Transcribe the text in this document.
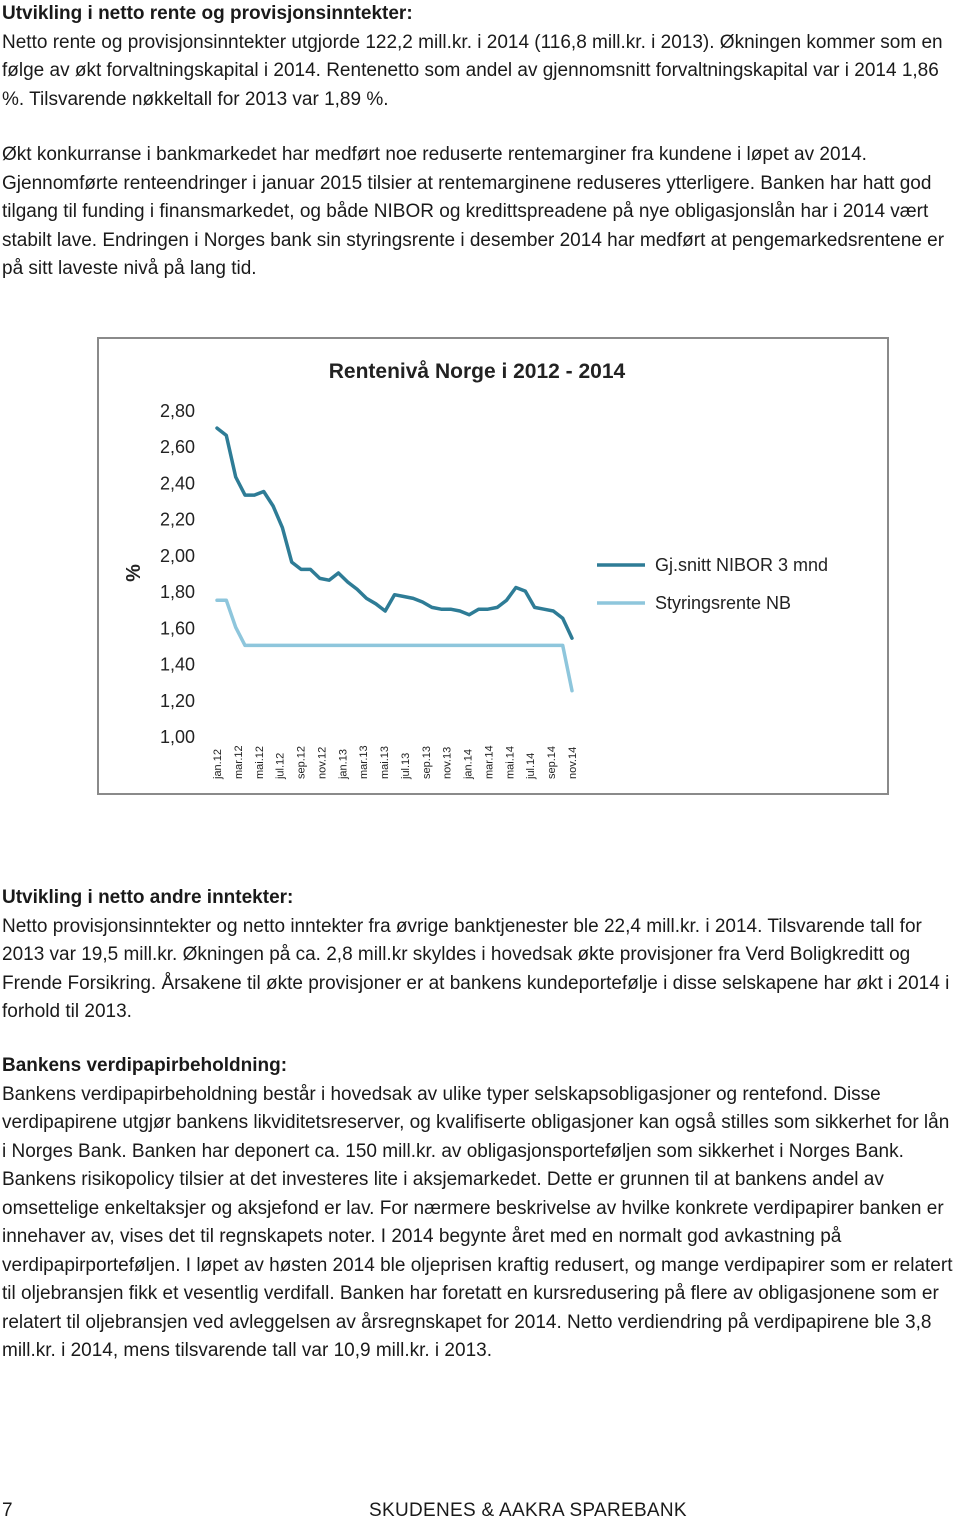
Utvikling i netto rente og provisjonsinntekter:

Netto rente og provisjonsinntekter utgjorde 122,2 mill.kr. i 2014 (116,8 mill.kr. i 2013). Økningen kommer som en følge av økt forvaltningskapital i 2014. Rentenetto som andel av gjennomsnitt forvaltningskapital var i 2014 1,86 %. Tilsvarende nøkkeltall for 2013 var 1,89 %.

Økt konkurranse i bankmarkedet har medført noe reduserte rentemarginer fra kundene i løpet av 2014. Gjennomførte renteendringer i januar 2015 tilsier at rentemarginene reduseres ytterligere. Banken har hatt god tilgang til funding i finansmarkedet, og både NIBOR og kredittspreadene på nye obligasjonslån har i 2014 vært stabilt lave. Endringen i Norges bank sin styringsrente i desember 2014 har medført at pengemarkedsrentene er på sitt laveste nivå på lang tid.

Rentenivå Norge i 2012 - 2014
%
1,00
1,20
1,40
1,60
1,80
2,00
2,20
2,40
2,60
2,80
jan.12 mar.12 mai.12 jul.12 sep.12 nov.12 jan.13 mar.13 mai.13 jul.13 sep.13 nov.13 jan.14 mar.14 mai.14 jul.14 sep.14 nov.14
Gj.snitt NIBOR 3 mnd
Styringsrente NB

Utvikling i netto andre inntekter:

Netto provisjonsinntekter og netto inntekter fra øvrige banktjenester ble 22,4 mill.kr. i 2014. Tilsvarende tall for 2013 var 19,5 mill.kr. Økningen på ca. 2,8 mill.kr skyldes i hovedsak økte provisjoner fra Verd Boligkreditt og Frende Forsikring. Årsakene til økte provisjoner er at bankens kundeportefølje i disse selskapene har økt i 2014 i forhold til 2013.

Bankens verdipapirbeholdning:

Bankens verdipapirbeholdning består i hovedsak av ulike typer selskapsobligasjoner og rentefond. Disse verdipapirene utgjør bankens likviditetsreserver, og kvalifiserte obligasjoner kan også stilles som sikkerhet for lån i Norges Bank. Banken har deponert ca. 150 mill.kr. av obligasjonsporteføljen som sikkerhet i Norges Bank. Bankens risikopolicy tilsier at det investeres lite i aksjemarkedet. Dette er grunnen til at bankens andel av omsettelige enkeltaksjer og aksjefond er lav. For nærmere beskrivelse av hvilke konkrete verdipapirer banken er innehaver av, vises det til regnskapets noter. I 2014 begynte året med en normalt god avkastning på verdipapirporteføljen. I løpet av høsten 2014 ble oljeprisen kraftig redusert, og mange verdipapirer som er relatert til oljebransjen fikk et vesentlig verdifall. Banken har foretatt en kursredusering på flere av obligasjonene som er relatert til oljebransjen ved avleggelsen av årsregnskapet for 2014. Netto verdiendring på verdipapirene ble 3,8 mill.kr. i 2014, mens tilsvarende tall var 10,9 mill.kr. i 2013.

7	SKUDENES & AAKRA SPAREBANK
